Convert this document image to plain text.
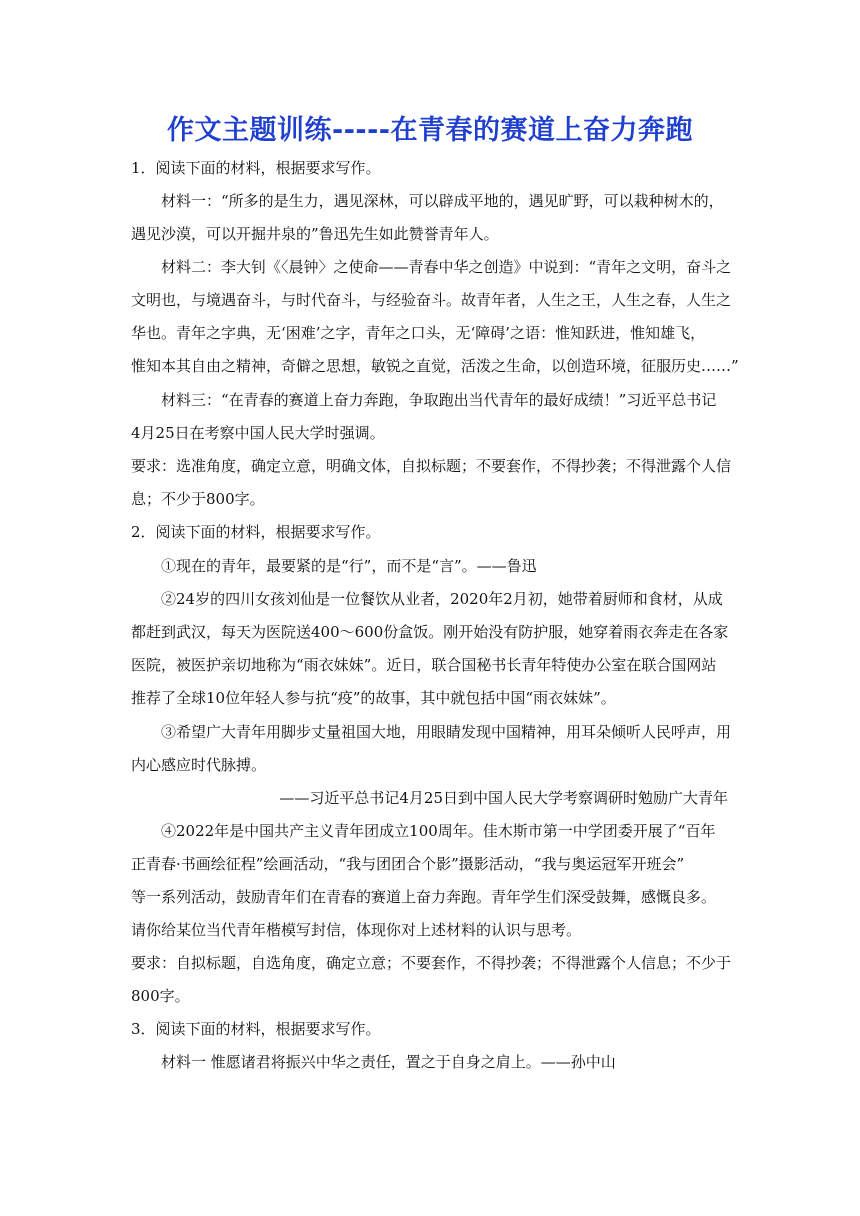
作文主题训练-----在青春的赛道上奋力奔跑
1．阅读下面的材料，根据要求写作。
材料一：“所多的是生力，遇见深林，可以辟成平地的，遇见旷野，可以栽种树木的，
遇见沙漠，可以开掘井泉的”鲁迅先生如此赞誉青年人。
材料二：李大钊《〈晨钟〉之使命——青春中华之创造》中说到：“青年之文明，奋斗之
文明也，与境遇奋斗，与时代奋斗，与经验奋斗。故青年者，人生之王，人生之春，人生之
华也。青年之字典，无‘困难’之字，青年之口头，无‘障碍’之语：惟知跃进，惟知雄飞，
惟知本其自由之精神，奇僻之思想，敏锐之直觉，活泼之生命，以创造环境，征服历史……”
材料三：“在青春的赛道上奋力奔跑，争取跑出当代青年的最好成绩！”习近平总书记
4月25日在考察中国人民大学时强调。
要求：选准角度，确定立意，明确文体，自拟标题；不要套作，不得抄袭；不得泄露个人信
息；不少于800字。
2．阅读下面的材料，根据要求写作。
①现在的青年，最要紧的是“行”，而不是“言”。——鲁迅
②24岁的四川女孩刘仙是一位餐饮从业者，2020年2月初，她带着厨师和食材，从成
都赶到武汉，每天为医院送400～600份盒饭。刚开始没有防护服，她穿着雨衣奔走在各家
医院，被医护亲切地称为“雨衣妹妹”。近日，联合国秘书长青年特使办公室在联合国网站
推荐了全球10位年轻人参与抗“疫”的故事，其中就包括中国“雨衣妹妹”。
③希望广大青年用脚步丈量祖国大地，用眼睛发现中国精神，用耳朵倾听人民呼声，用
内心感应时代脉搏。
——习近平总书记4月25日到中国人民大学考察调研时勉励广大青年
④2022年是中国共产主义青年团成立100周年。佳木斯市第一中学团委开展了“百年
正青春·书画绘征程”绘画活动，“我与团团合个影”摄影活动，“我与奥运冠军开班会”
等一系列活动，鼓励青年们在青春的赛道上奋力奔跑。青年学生们深受鼓舞，感慨良多。
请你给某位当代青年楷模写封信，体现你对上述材料的认识与思考。
要求：自拟标题，自选角度，确定立意；不要套作，不得抄袭；不得泄露个人信息；不少于
800字。
3．阅读下面的材料，根据要求写作。
材料一 惟愿诸君将振兴中华之责任，置之于自身之肩上。——孙中山
